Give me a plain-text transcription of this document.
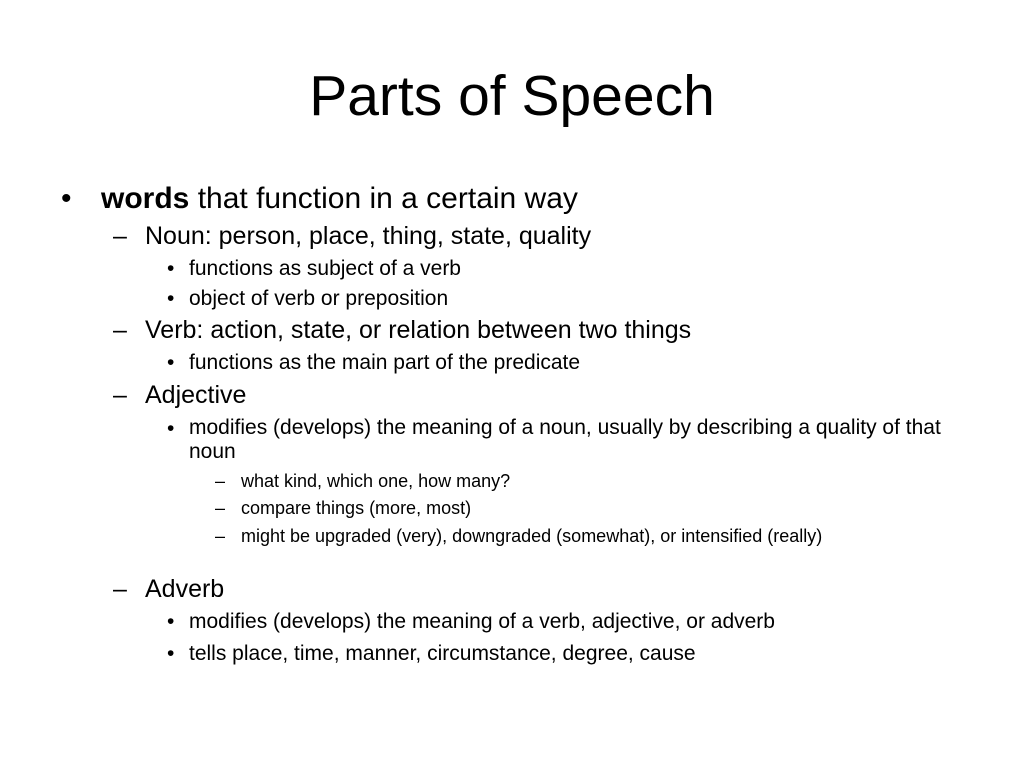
Parts of Speech
• words that function in a certain way
– Noun: person, place, thing, state, quality
• functions as subject of a verb
• object of verb or preposition
– Verb: action, state, or relation between two things
• functions as the main part of the predicate
– Adjective
• modifies (develops) the meaning of a noun, usually by describing a quality of that noun
– what kind, which one, how many?
– compare things (more, most)
– might be upgraded (very), downgraded (somewhat), or intensified (really)
– Adverb
• modifies (develops) the meaning of a verb, adjective, or adverb
• tells place, time, manner, circumstance, degree, cause
